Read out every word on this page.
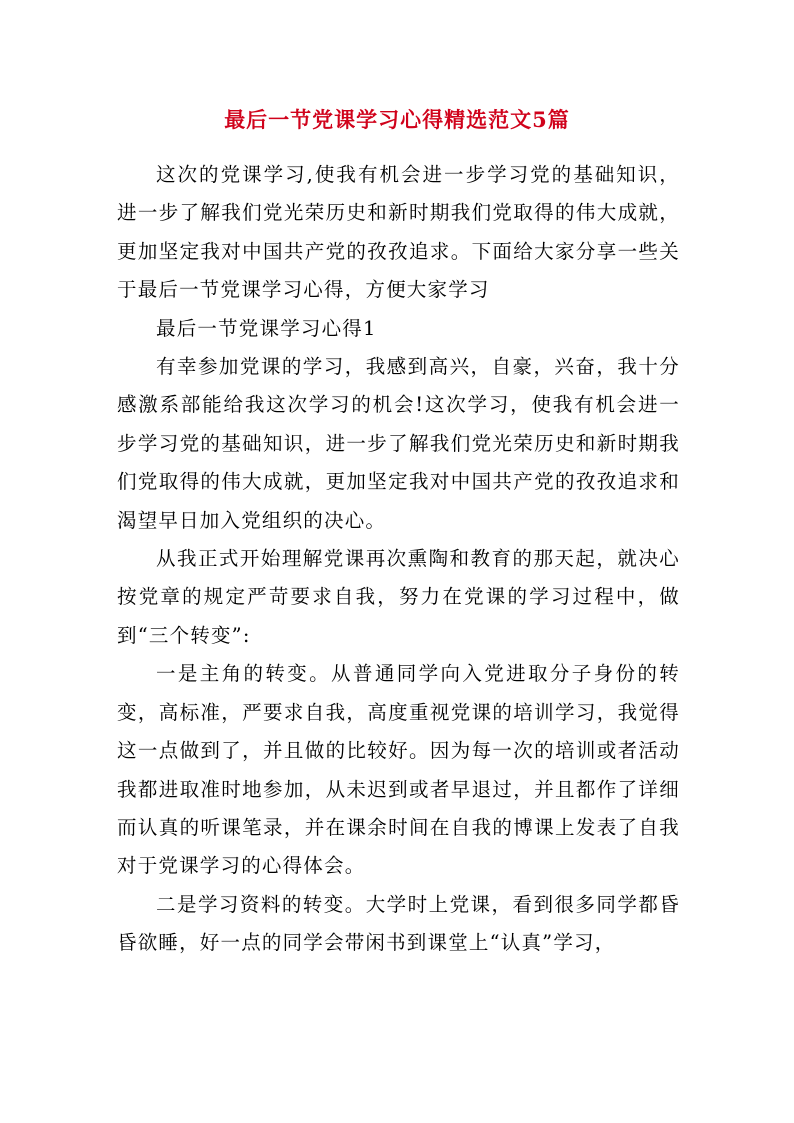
最后一节党课学习心得精选范文5篇

这次的党课学习,使我有机会进一步学习党的基础知识，进一步了解我们党光荣历史和新时期我们党取得的伟大成就，更加坚定我对中国共产党的孜孜追求。下面给大家分享一些关于最后一节党课学习心得，方便大家学习

最后一节党课学习心得1

有幸参加党课的学习，我感到高兴，自豪，兴奋，我十分感激系部能给我这次学习的机会!这次学习，使我有机会进一步学习党的基础知识，进一步了解我们党光荣历史和新时期我们党取得的伟大成就，更加坚定我对中国共产党的孜孜追求和渴望早日加入党组织的决心。

从我正式开始理解党课再次熏陶和教育的那天起，就决心按党章的规定严苛要求自我，努力在党课的学习过程中，做到“三个转变”:

一是主角的转变。从普通同学向入党进取分子身份的转变，高标准，严要求自我，高度重视党课的培训学习，我觉得这一点做到了，并且做的比较好。因为每一次的培训或者活动我都进取准时地参加，从未迟到或者早退过，并且都作了详细而认真的听课笔录，并在课余时间在自我的博课上发表了自我对于党课学习的心得体会。

二是学习资料的转变。大学时上党课，看到很多同学都昏昏欲睡，好一点的同学会带闲书到课堂上“认真”学习，
